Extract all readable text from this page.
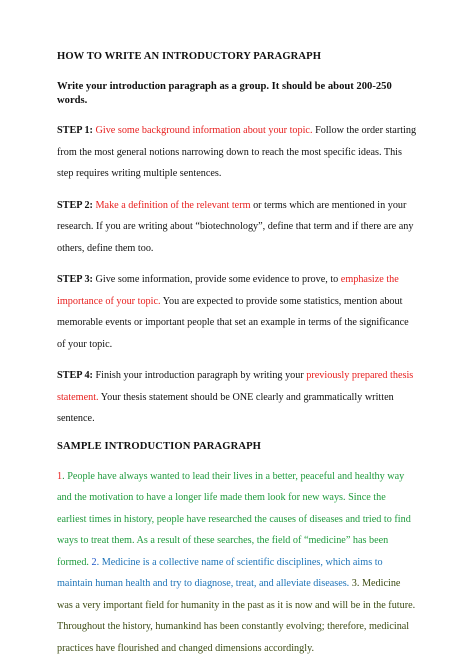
HOW TO WRITE AN INTRODUCTORY PARAGRAPH

Write your introduction paragraph as a group. It should be about 200-250 words.

STEP 1: Give some background information about your topic. Follow the order starting from the most general notions narrowing down to reach the most specific ideas. This step requires writing multiple sentences.

STEP 2: Make a definition of the relevant term or terms which are mentioned in your research. If you are writing about “biotechnology”, define that term and if there are any others, define them too.

STEP 3: Give some information, provide some evidence to prove, to emphasize the importance of your topic. You are expected to provide some statistics, mention about memorable events or important people that set an example in terms of the significance of your topic.

STEP 4: Finish your introduction paragraph by writing your previously prepared thesis statement. Your thesis statement should be ONE clearly and grammatically written sentence.

SAMPLE INTRODUCTION PARAGRAPH

1. People have always wanted to lead their lives in a better, peaceful and healthy way and the motivation to have a longer life made them look for new ways. Since the earliest times in history, people have researched the causes of diseases and tried to find ways to treat them. As a result of these searches, the field of “medicine” has been formed. 2. Medicine is a collective name of scientific disciplines, which aims to maintain human health and try to diagnose, treat, and alleviate diseases. 3. Medicine was a very important field for humanity in the past as it is now and will be in the future. Throughout the history, humankind has been constantly evolving; therefore, medicinal practices have flourished and changed dimensions accordingly.
